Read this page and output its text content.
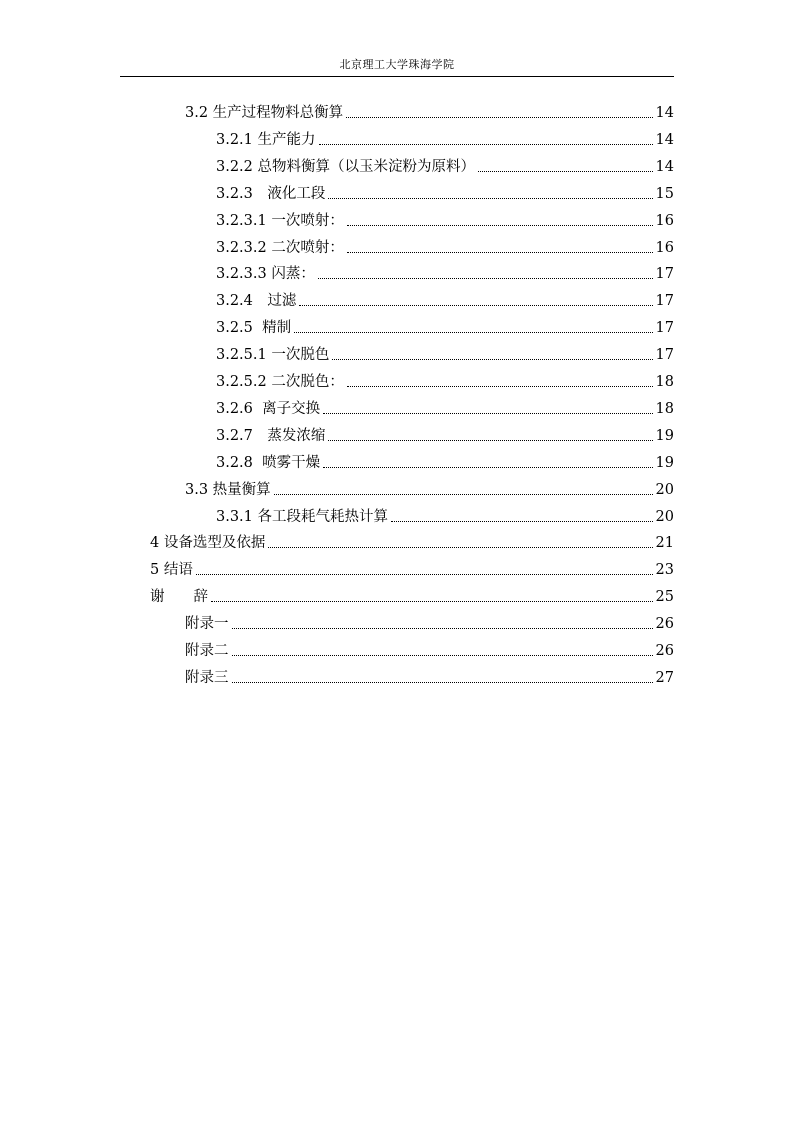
北京理工大学珠海学院
3.2 生产过程物料总衡算	14
3.2.1 生产能力	14
3.2.2 总物料衡算（以玉米淀粉为原料）	14
3.2.3　液化工段	15
3.2.3.1 一次喷射：	16
3.2.3.2 二次喷射：	16
3.2.3.3 闪蒸：	17
3.2.4　过滤	17
3.2.5  精制	17
3.2.5.1 一次脱色	17
3.2.5.2 二次脱色：	18
3.2.6  离子交换	18
3.2.7　蒸发浓缩	19
3.2.8  喷雾干燥	19
3.3 热量衡算	20
3.3.1 各工段耗气耗热计算	20
4 设备选型及依据	21
5 结语	23
谢　　辞	25
附录一	26
附录二	26
附录三	27
